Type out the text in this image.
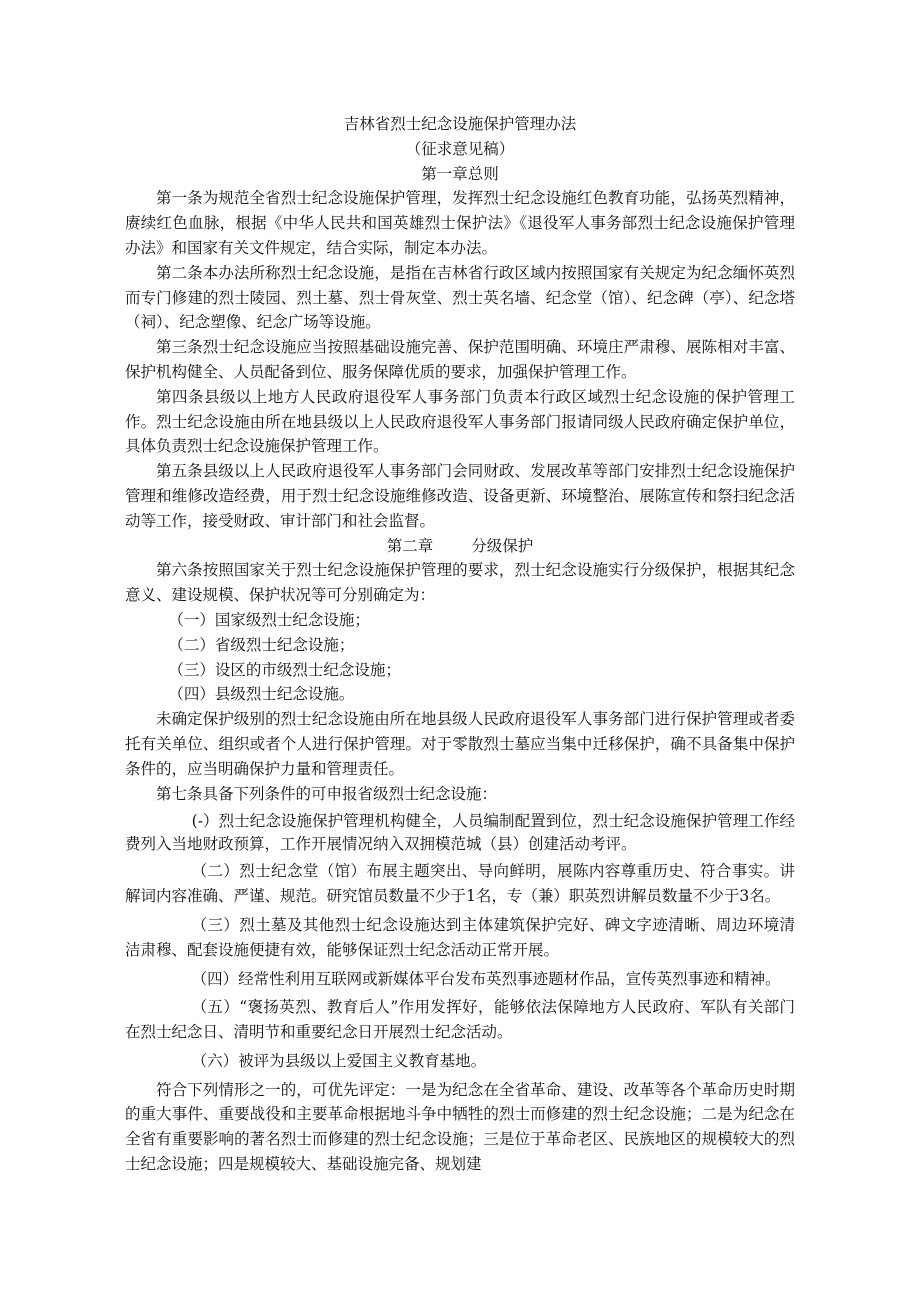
吉林省烈士纪念设施保护管理办法
（征求意见稿）
第一章总则
第一条为规范全省烈士纪念设施保护管理，发挥烈士纪念设施红色教育功能，弘扬英烈精神，赓续红色血脉，根据《中华人民共和国英雄烈士保护法》《退役军人事务部烈士纪念设施保护管理办法》和国家有关文件规定，结合实际，制定本办法。
第二条本办法所称烈士纪念设施，是指在吉林省行政区域内按照国家有关规定为纪念缅怀英烈而专门修建的烈士陵园、烈土墓、烈士骨灰堂、烈士英名墙、纪念堂（馆）、纪念碑（亭）、纪念塔（祠）、纪念塑像、纪念广场等设施。
第三条烈士纪念设施应当按照基础设施完善、保护范围明确、环境庄严肃穆、展陈相对丰富、保护机构健全、人员配备到位、服务保障优质的要求，加强保护管理工作。
第四条县级以上地方人民政府退役军人事务部门负责本行政区域烈士纪念设施的保护管理工作。烈士纪念设施由所在地县级以上人民政府退役军人事务部门报请同级人民政府确定保护单位，具体负责烈士纪念设施保护管理工作。
第五条县级以上人民政府退役军人事务部门会同财政、发展改革等部门安排烈士纪念设施保护管理和维修改造经费，用于烈士纪念设施维修改造、设备更新、环境整治、展陈宣传和祭扫纪念活动等工作，接受财政、审计部门和社会监督。
第二章 分级保护
第六条按照国家关于烈士纪念设施保护管理的要求，烈士纪念设施实行分级保护，根据其纪念意义、建设规模、保护状况等可分别确定为：
（一）国家级烈士纪念设施；
（二）省级烈士纪念设施；
（三）设区的市级烈士纪念设施；
（四）县级烈士纪念设施。
未确定保护级别的烈士纪念设施由所在地县级人民政府退役军人事务部门进行保护管理或者委托有关单位、组织或者个人进行保护管理。对于零散烈士墓应当集中迁移保护，确不具备集中保护条件的，应当明确保护力量和管理责任。
第七条具备下列条件的可申报省级烈士纪念设施：
(-）烈士纪念设施保护管理机构健全，人员编制配置到位，烈士纪念设施保护管理工作经费列入当地财政预算，工作开展情况纳入双拥模范城（县）创建活动考评。
（二）烈士纪念堂（馆）布展主题突出、导向鲜明，展陈内容尊重历史、符合事实。讲解词内容准确、严谨、规范。研究馆员数量不少于1名，专（兼）职英烈讲解员数量不少于3名。
（三）烈土墓及其他烈士纪念设施达到主体建筑保护完好、碑文字迹清晰、周边环境清洁肃穆、配套设施便捷有效，能够保证烈士纪念活动正常开展。
（四）经常性利用互联网或新媒体平台发布英烈事迹题材作品，宣传英烈事迹和精神。
（五）“褒扬英烈、教育后人”作用发挥好，能够依法保障地方人民政府、军队有关部门在烈士纪念日、清明节和重要纪念日开展烈士纪念活动。
（六）被评为县级以上爱国主义教育基地。
符合下列情形之一的，可优先评定：一是为纪念在全省革命、建设、改革等各个革命历史时期的重大事件、重要战役和主要革命根据地斗争中牺牲的烈士而修建的烈士纪念设施；二是为纪念在全省有重要影响的著名烈士而修建的烈士纪念设施；三是位于革命老区、民族地区的规模较大的烈士纪念设施；四是规模较大、基础设施完备、规划建
